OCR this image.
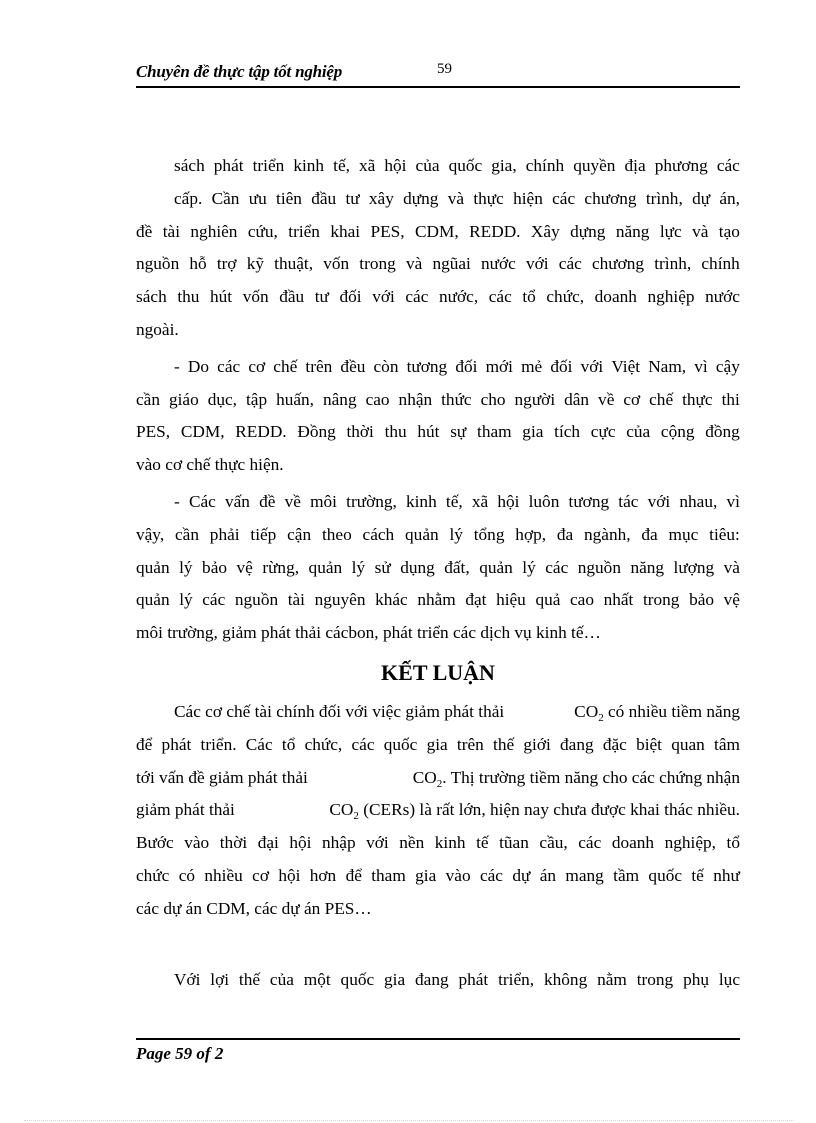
Chuyên đề thực tập tốt nghiệp	59
sách phát triển kinh tế, xã hội của quốc gia, chính quyền địa phương các
cấp. Cần ưu tiên đầu tư xây dựng và thực hiện các chương trình, dự án,
đề tài nghiên cứu, triển khai PES, CDM, REDD. Xây dựng năng lực và tạo
nguồn hỗ trợ kỹ thuật, vốn trong và ngũai nước với các chương trình, chính
sách thu hút vốn đầu tư đối với các nước, các tổ chức, doanh nghiệp nước
ngoài.
- Do các cơ chế trên đều còn tương đối mới mẻ đối với Việt Nam, vì cậy
cần giáo dục, tập huấn, nâng cao nhận thức cho người dân về cơ chế thực thi
PES, CDM, REDD. Đồng thời thu hút sự tham gia tích cực của cộng đồng
vào cơ chế thực hiện.
- Các vấn đề về môi trường, kinh tế, xã hội luôn tương tác với nhau, vì
vậy, cần phải tiếp cận theo cách quản lý tổng hợp, đa ngành, đa mục tiêu:
quản lý bảo vệ rừng, quản lý sử dụng đất, quản lý các nguồn năng lượng và
quản lý các nguồn tài nguyên khác nhằm đạt hiệu quả cao nhất trong bảo vệ
môi trường, giảm phát thải cácbon, phát triển các dịch vụ kinh tế…
KẾT LUẬN
Các cơ chế tài chính đối với việc giảm phát thải	$CO_2$ có nhiều tiềm năng
để phát triển. Các tổ chức, các quốc gia trên thế giới đang đặc biệt quan tâm
tới vấn đề giảm phát thải	$CO_2$. Thị trường tiềm năng cho các chứng nhận
giảm phát thải	$CO_2$ (CERs) là rất lớn, hiện nay chưa được khai thác nhiều.
Bước vào thời đại hội nhập với nền kinh tế tũan cầu, các doanh nghiệp, tổ
chức có nhiều cơ hội hơn để tham gia vào các dự án mang tầm quốc tế như
các dự án CDM, các dự án PES…
Với lợi thế của một quốc gia đang phát triển, không nằm trong phụ lục
Page 59 of 2
